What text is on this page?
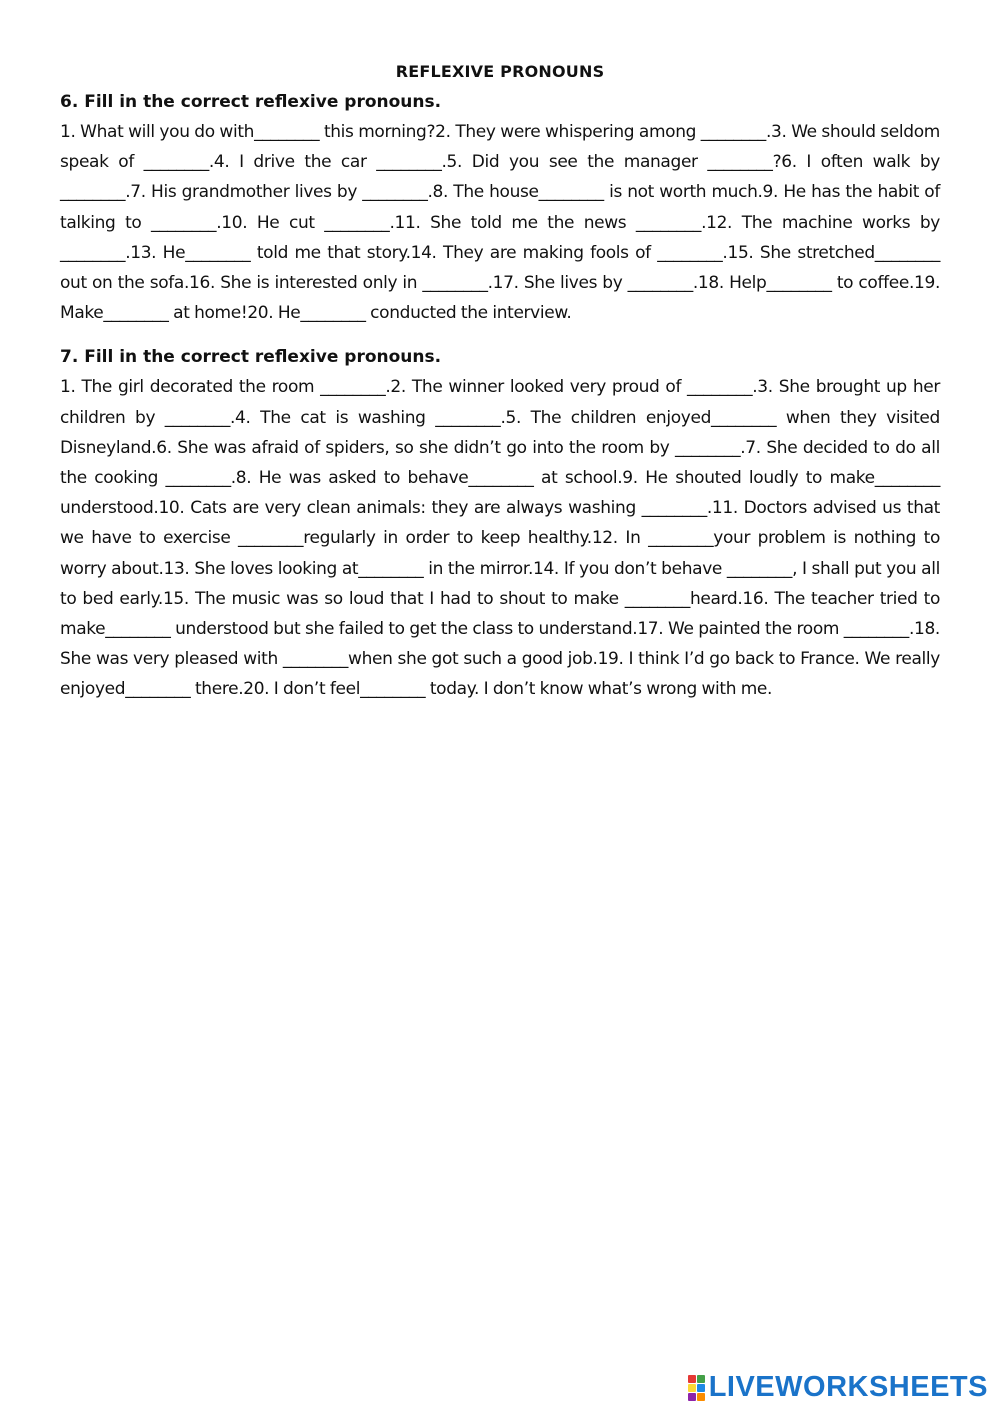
REFLEXIVE PRONOUNS

6. Fill in the correct reflexive pronouns.

1. What will you do with________ this morning?2. They were whispering among ________.3. We should seldom speak of ________.4. I drive the car ________.5. Did you see the manager ________?6. I often walk by ________.7. His grandmother lives by ________.8. The house________ is not worth much.9. He has the habit of talking to ________.10. He cut ________.11. She told me the news ________.12. The machine works by ________.13. He________ told me that story.14. They are making fools of ________.15. She stretched________ out on the sofa.16. She is interested only in ________.17. She lives by ________.18. Help________ to coffee.19. Make________ at home!20. He________ conducted the interview.

7. Fill in the correct reflexive pronouns.

1. The girl decorated the room ________.2. The winner looked very proud of ________.3. She brought up her children by ________.4. The cat is washing ________.5. The children enjoyed________ when they visited Disneyland.6. She was afraid of spiders, so she didn’t go into the room by ________.7. She decided to do all the cooking ________.8. He was asked to behave________ at school.9. He shouted loudly to make________ understood.10. Cats are very clean animals: they are always washing ________.11. Doctors advised us that we have to exercise ________regularly in order to keep healthy.12. In ________your problem is nothing to worry about.13. She loves looking at________ in the mirror.14. If you don’t behave ________, I shall put you all to bed early.15. The music was so loud that I had to shout to make ________heard.16. The teacher tried to make________ understood but she failed to get the class to understand.17. We painted the room ________.18. She was very pleased with ________when she got such a good job.19. I think I’d go back to France. We really enjoyed________ there.20. I don’t feel________ today. I don’t know what’s wrong with me.

LIVEWORKSHEETS
